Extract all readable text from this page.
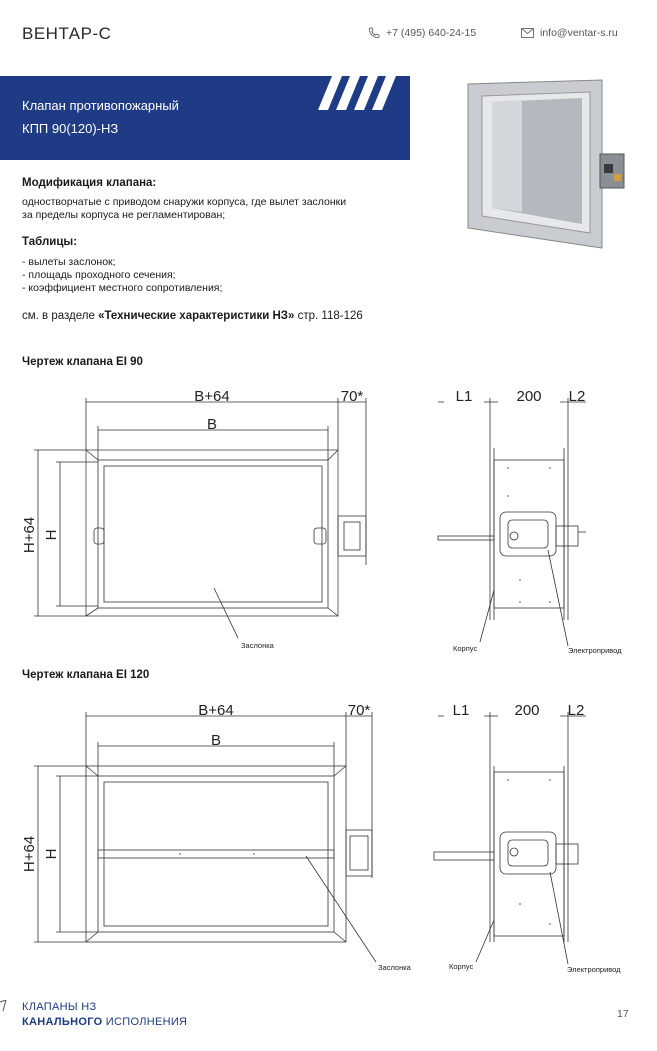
ВЕНТАР-С	+7 (495) 640-24-15	info@ventar-s.ru
Клапан противопожарный
КПП 90(120)-НЗ
Модификация клапана:
одностворчатые с приводом снаружи корпуса, где вылет заслонки
за пределы корпуса не регламентирован;
Таблицы:
- вылеты заслонок;
- площадь проходного сечения;
- коэффициент местного сопротивления;
см. в разделе «Технические характеристики НЗ» стр. 118-126
Чертеж клапана EI 90
B+64	70*
B
H+64 H
L1	200 L2
Заслонка	Корпус	Электропривод
Чертеж клапана EI 120
B+64	70*
B
H+64 H
L1	200 L2
Заслонка	Корпус	Электропривод
КЛАПАНЫ НЗ
КАНАЛЬНОГО ИСПОЛНЕНИЯ
17
